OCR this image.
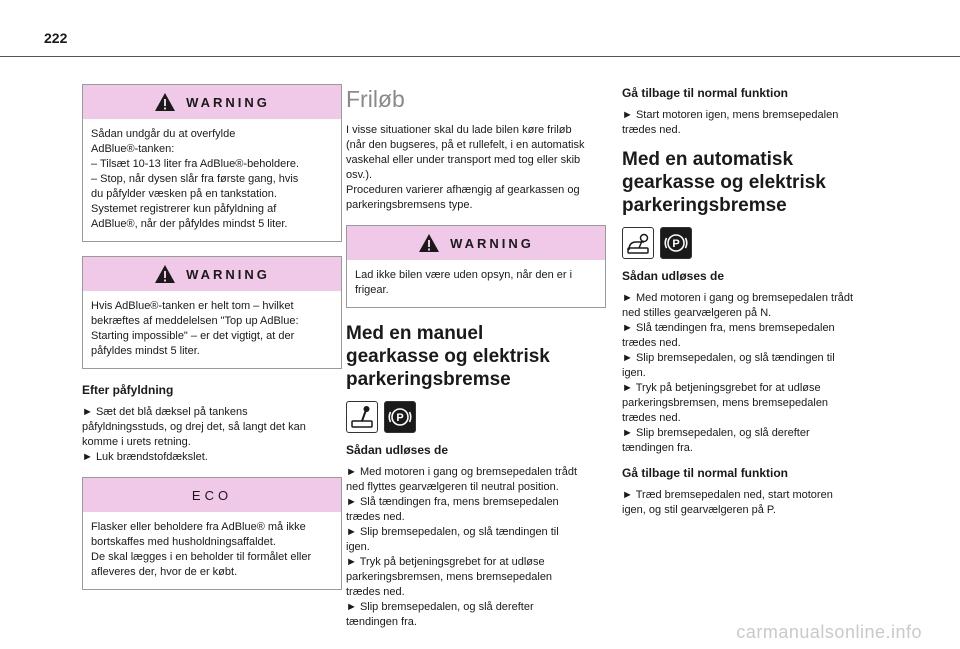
222
WARNING
Sådan undgår du at overfylde
AdBlue®-tanken:
– Tilsæt 10-13 liter fra AdBlue®-beholdere.
– Stop, når dysen slår fra første gang, hvis
du påfylder væsken på en tankstation.
Systemet registrerer kun påfyldning af
AdBlue®, når der påfyldes mindst 5 liter.
WARNING
Hvis AdBlue®-tanken er helt tom – hvilket
bekræftes af meddelelsen "Top up AdBlue:
Starting impossible" – er det vigtigt, at der
påfyldes mindst 5 liter.
Efter påfyldning
► Sæt det blå dæksel på tankens
påfyldningsstuds, og drej det, så langt det kan
komme i urets retning.
► Luk brændstofdækslet.
ECO
Flasker eller beholdere fra AdBlue® må ikke
bortskaffes med husholdningsaffaldet.
De skal lægges i en beholder til formålet eller
afleveres der, hvor de er købt.
Friløb
I visse situationer skal du lade bilen køre friløb
(når den bugseres, på et rullefelt, i en automatisk
vaskehal eller under transport med tog eller skib
osv.).
Proceduren varierer afhængig af gearkassen og
parkeringsbremsens type.
WARNING
Lad ikke bilen være uden opsyn, når den er i
frigear.
Med en manuel
gearkasse og elektrisk
parkeringsbremse
P
Sådan udløses de
► Med motoren i gang og bremsepedalen trådt
ned flyttes gearvælgeren til neutral position.
► Slå tændingen fra, mens bremsepedalen
trædes ned.
► Slip bremsepedalen, og slå tændingen til
igen.
► Tryk på betjeningsgrebet for at udløse
parkeringsbremsen, mens bremsepedalen
trædes ned.
► Slip bremsepedalen, og slå derefter
tændingen fra.
Gå tilbage til normal funktion
► Start motoren igen, mens bremsepedalen
trædes ned.
Med en automatisk
gearkasse og elektrisk
parkeringsbremse
P
Sådan udløses de
► Med motoren i gang og bremsepedalen trådt
ned stilles gearvælgeren på N.
► Slå tændingen fra, mens bremsepedalen
trædes ned.
► Slip bremsepedalen, og slå tændingen til
igen.
► Tryk på betjeningsgrebet for at udløse
parkeringsbremsen, mens bremsepedalen
trædes ned.
► Slip bremsepedalen, og slå derefter
tændingen fra.
Gå tilbage til normal funktion
► Træd bremsepedalen ned, start motoren
igen, og stil gearvælgeren på P.
carmanualsonline.info
